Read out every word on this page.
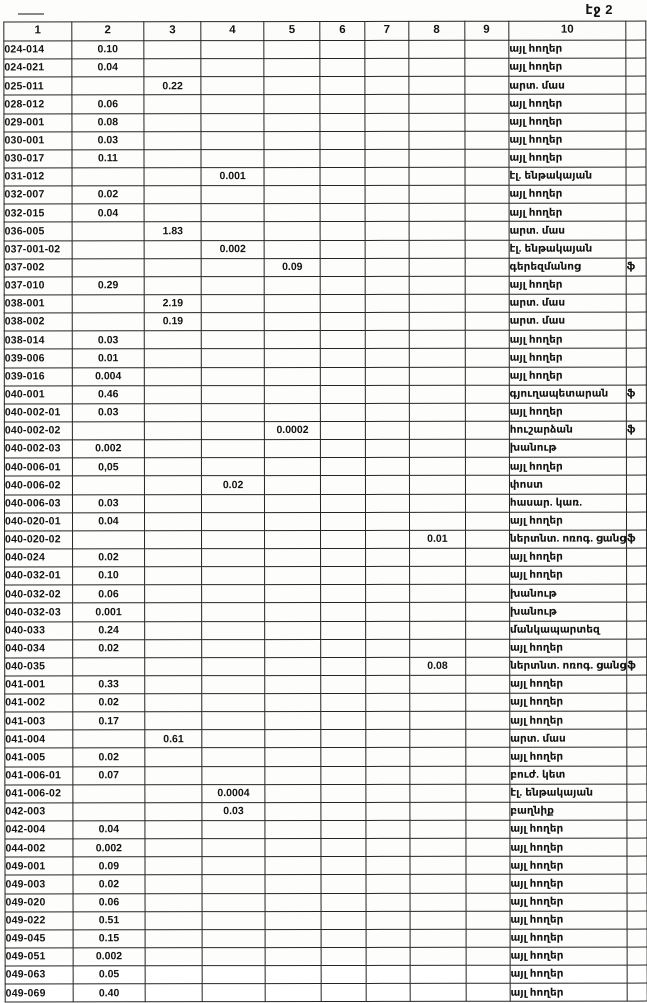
էջ 2
1	2	3	4	5	6	7	8	9	10	
024-014	0.10								այլ հողեր	
024-021	0.04								այլ հողեր	
025-011		0.22							արտ. մաս	
028-012	0.06								այլ հողեր	
029-001	0.08								այլ հողեր	
030-001	0.03								այլ հողեր	
030-017	0.11								այլ հողեր	
031-012			0.001						էլ. ենթակայան	
032-007	0.02								այլ հողեր	
032-015	0.04								այլ հողեր	
036-005		1.83							արտ. մաս	
037-001-02			0.002						էլ. ենթակայան	
037-002				0.09					գերեզմանոց	ֆ
037-010	0.29								այլ հողեր	
038-001		2.19							արտ. մաս	
038-002		0.19							արտ. մաս	
038-014	0.03								այլ հողեր	
039-006	0.01								այլ հողեր	
039-016	0.004								այլ հողեր	
040-001	0.46								գյուղապետարան	ֆ
040-002-01	0.03								այլ հողեր	
040-002-02				0.0002					հուշարձան	ֆ
040-002-03	0.002								խանութ	
040-006-01	0,05								այլ հողեր	
040-006-02			0.02						փոստ	
040-006-03	0.03								հասար. կառ.	
040-020-01	0.04								այլ հողեր	
040-020-02							0.01		ներտնտ. ոռոգ. ցանց	ֆ
040-024	0.02								այլ հողեր	
040-032-01	0.10								այլ հողեր	
040-032-02	0.06								խանութ	
040-032-03	0.001								խանութ	
040-033	0.24								մանկապարտեզ	
040-034	0.02								այլ հողեր	
040-035							0.08		ներտնտ. ոռոգ. ցանց	ֆ
041-001	0.33								այլ հողեր	
041-002	0.02								այլ հողեր	
041-003	0.17								այլ հողեր	
041-004		0.61							արտ. մաս	
041-005	0.02								այլ հողեր	
041-006-01	0.07								բուժ. կետ	
041-006-02			0.0004						էլ. ենթակայան	
042-003			0.03						բաղնիք	
042-004	0.04								այլ հողեր	
044-002	0.002								այլ հողեր	
049-001	0.09								այլ հողեր	
049-003	0.02								այլ հողեր	
049-020	0.06								այլ հողեր	
049-022	0.51								այլ հողեր	
049-045	0.15								այլ հողեր	
049-051	0.002								այլ հողեր	
049-063	0.05								այլ հողեր	
049-069	0.40								այլ հողեր	
